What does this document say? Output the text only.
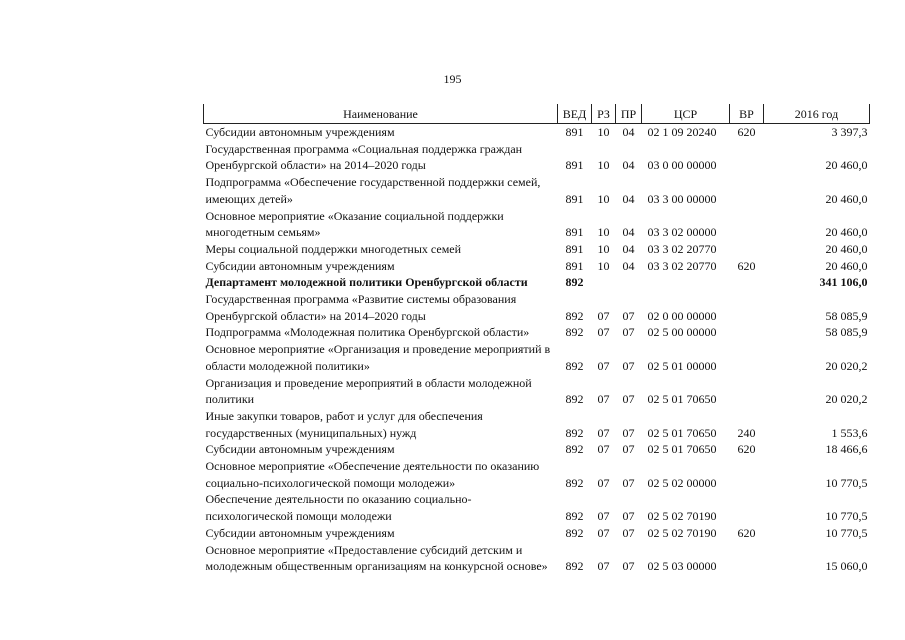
195
Наименование	ВЕД	РЗ	ПР	ЦСР	ВР	2016 год
Субсидии автономным учреждениям	891	10	04	02 1 09 20240	620	3 397,3
Государственная программа «Социальная поддержка граждан Оренбургской области» на 2014–2020 годы	891	10	04	03 0 00 00000		20 460,0
Подпрограмма «Обеспечение государственной поддержки семей, имеющих детей»	891	10	04	03 3 00 00000		20 460,0
Основное мероприятие «Оказание социальной поддержки многодетным семьям»	891	10	04	03 3 02 00000		20 460,0
Меры социальной поддержки многодетных семей	891	10	04	03 3 02 20770		20 460,0
Субсидии автономным учреждениям	891	10	04	03 3 02 20770	620	20 460,0
Департамент молодежной политики Оренбургской области	892					341 106,0
Государственная программа «Развитие системы образования Оренбургской области» на 2014–2020 годы	892	07	07	02 0 00 00000		58 085,9
Подпрограмма «Молодежная политика Оренбургской области»	892	07	07	02 5 00 00000		58 085,9
Основное мероприятие «Организация и проведение мероприятий в области молодежной политики»	892	07	07	02 5 01 00000		20 020,2
Организация и проведение мероприятий в области молодежной политики	892	07	07	02 5 01 70650		20 020,2
Иные закупки товаров, работ и услуг для обеспечения государственных (муниципальных) нужд	892	07	07	02 5 01 70650	240	1 553,6
Субсидии автономным учреждениям	892	07	07	02 5 01 70650	620	18 466,6
Основное мероприятие «Обеспечение деятельности по оказанию социально-психологической помощи молодежи»	892	07	07	02 5 02 00000		10 770,5
Обеспечение деятельности по оказанию социально-психологической помощи молодежи	892	07	07	02 5 02 70190		10 770,5
Субсидии автономным учреждениям	892	07	07	02 5 02 70190	620	10 770,5
Основное мероприятие «Предоставление субсидий детским и молодежным общественным организациям на конкурсной основе»	892	07	07	02 5 03 00000		15 060,0
